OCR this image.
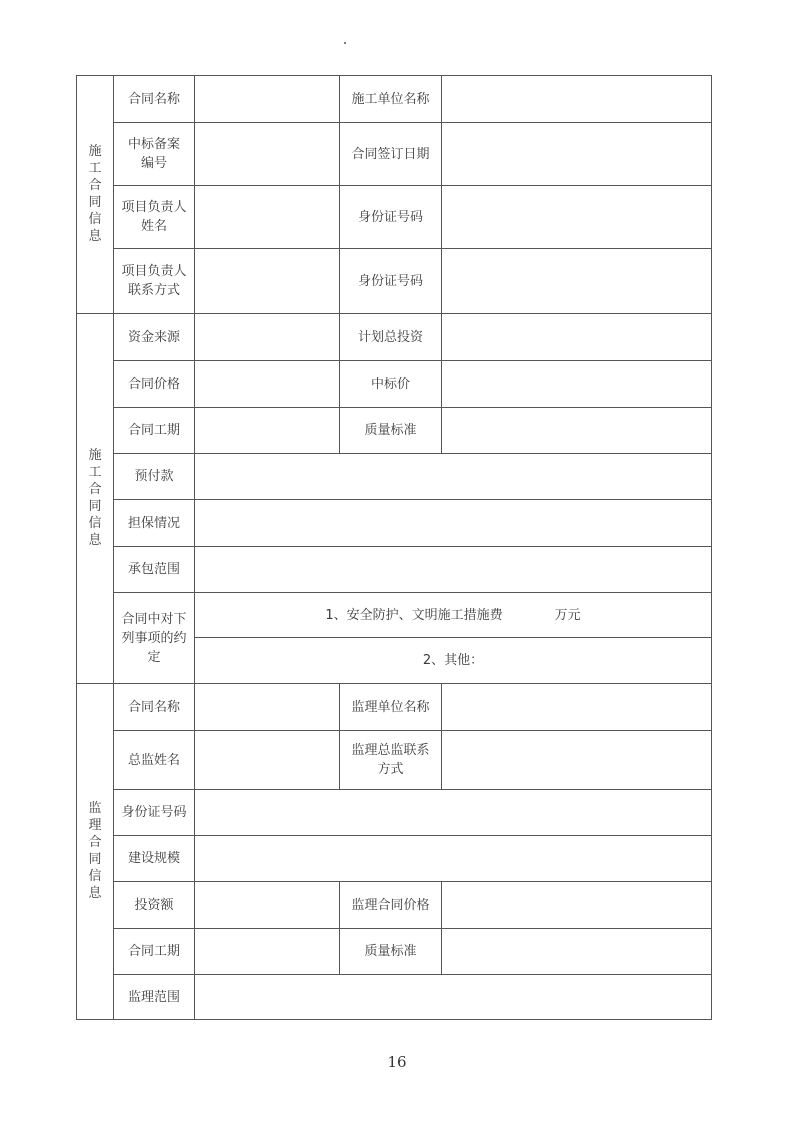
施工合同信息	合同名称		施工单位名称	
	中标备案编号		合同签订日期	
	项目负责人姓名		身份证号码	
	项目负责人联系方式		身份证号码	
施工合同信息	资金来源		计划总投资	
	合同价格		中标价	
	合同工期		质量标准	
	预付款			
	担保情况			
	承包范围			
	合同中对下列事项的约定	1、安全防护、文明施工措施费 万元		
		2、其他：		
监理合同信息	合同名称		监理单位名称	
	总监姓名		监理总监联系方式	
	身份证号码			
	建设规模			
	投资额		监理合同价格	
	合同工期		质量标准	
	监理范围			
16
